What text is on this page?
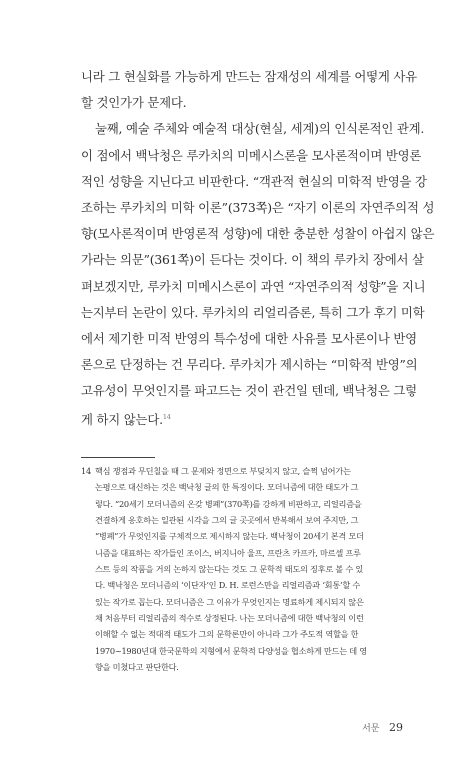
니라 그 현실화를 가능하게 만드는 잠재성의 세계를 어떻게 사유
할 것인가가 문제다.
눌째, 예술 주체와 예술적 대상(현실, 세계)의 인식론적인 관계.
이 점에서 백낙청은 루카치의 미메시스론을 모사론적이며 반영론
적인 성향을 지닌다고 비판한다. “객관적 현실의 미학적 반영을 강
조하는 루카치의 미학 이론”(373쪽)은 “자기 이론의 자연주의적 성
향(모사론적이며 반영론적 성향)에 대한 충분한 성찰이 아쉽지 않은
가라는 의문”(361쪽)이 든다는 것이다. 이 책의 루카치 장에서 살
펴보겠지만, 루카치 미메시스론이 과연 “자연주의적 성향”을 지니
는지부터 논란이 있다. 루카치의 리얼리즘론, 특히 그가 후기 미학
에서 제기한 미적 반영의 특수성에 대한 사유를 모사론이나 반영
론으로 단정하는 건 무리다. 루카치가 제시하는 “미학적 반영”의
고유성이 무엇인지를 파고드는 것이 관건일 텐데, 백낙청은 그렇
게 하지 않는다.$^{14}$
14 핵심 쟁점과 무딘칠을 때 그 문제와 정면으로 부딪치지 않고, 슬쩍 넘어가는
논평으로 대신하는 것은 백낙청 글의 한 특징이다. 모더니즘에 대한 태도가 그
렇다. “20세기 모더니즘의 온갖 병폐”(370쪽)를 강하게 비판하고, 리얼리즘을
견결하게 옹호하는 일관된 시각을 그의 글 곳곳에서 반복해서 보여 주지만, 그
“병폐”가 무엇인지를 구체적으로 제시하지 않는다. 백낙청이 20세기 본격 모더
니즘을 대표하는 작가들인 조이스, 버지니아 울프, 프란츠 카프카, 마르셀 프루
스트 등의 작품을 거의 논하지 않는다는 것도 그 문학적 태도의 징후로 볼 수 있
다. 백낙청은 모더니즘의 ‘이단자’인 D. H. 로런스만을 리얼리즘과 ‘회통’할 수
있는 작가로 꼽는다. 모더니즘은 그 이유가 무엇인지는 명료하게 제시되지 않은
채 처음부터 리얼리즘의 적수로 상정된다. 나는 모더니즘에 대한 백낙청의 이런
이해할 수 없는 적대적 태도가 그의 문학론만이 아니라 그가 주도적 역할을 한
1970~1980년대 한국문학의 지형에서 문학적 다양성을 협소하게 만드는 데 영
향을 미쳤다고 판단한다.
서문 29
